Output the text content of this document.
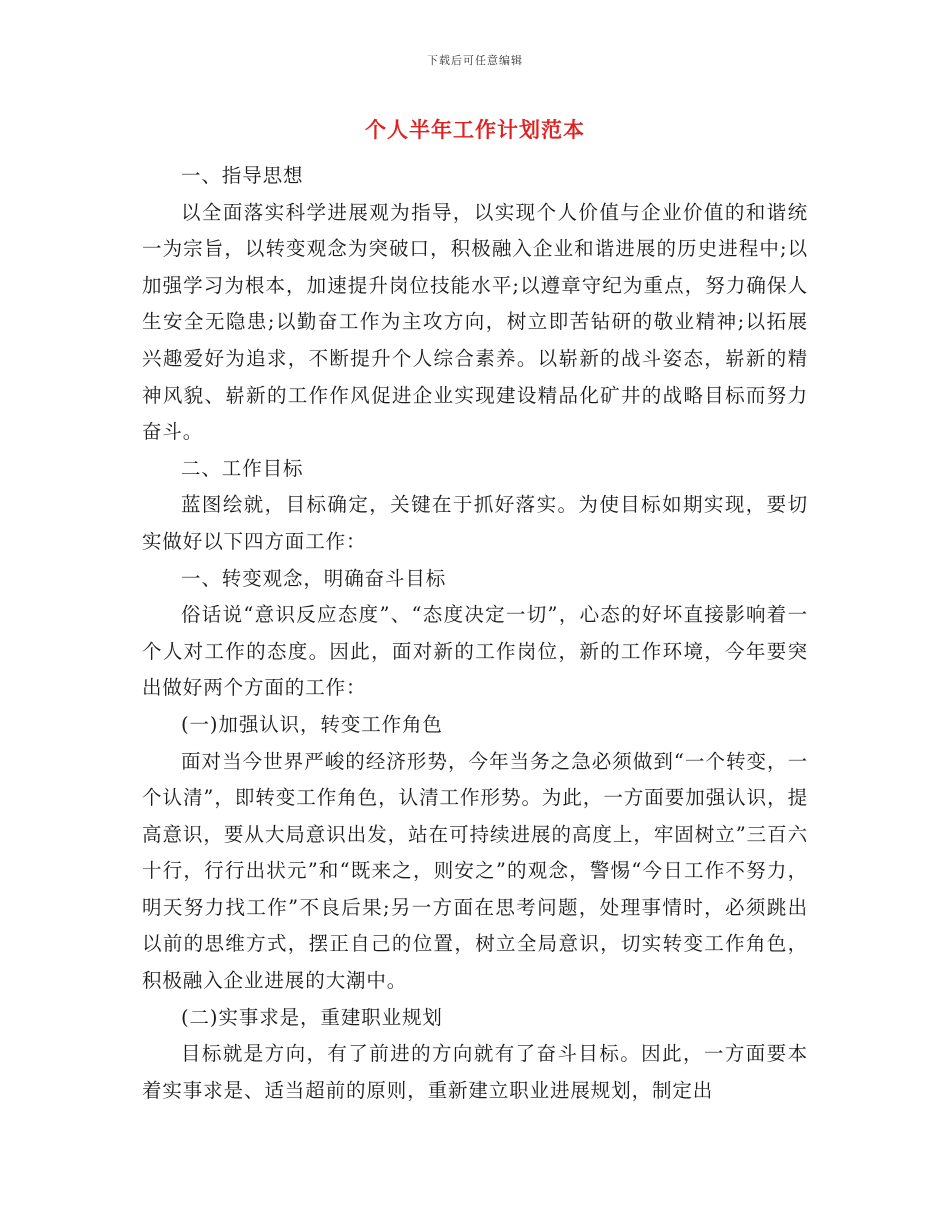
下载后可任意编辑
个人半年工作计划范本

一、指导思想

以全面落实科学进展观为指导，以实现个人价值与企业价值的和谐统一为宗旨，以转变观念为突破口，积极融入企业和谐进展的历史进程中;以加强学习为根本，加速提升岗位技能水平;以遵章守纪为重点，努力确保人生安全无隐患;以勤奋工作为主攻方向，树立即苦钻研的敬业精神;以拓展兴趣爱好为追求，不断提升个人综合素养。以崭新的战斗姿态，崭新的精神风貌、崭新的工作作风促进企业实现建设精品化矿井的战略目标而努力奋斗。

二、工作目标

蓝图绘就，目标确定，关键在于抓好落实。为使目标如期实现，要切实做好以下四方面工作：

一、转变观念，明确奋斗目标

俗话说“意识反应态度”、“态度决定一切”，心态的好坏直接影响着一个人对工作的态度。因此，面对新的工作岗位，新的工作环境，今年要突出做好两个方面的工作：

(一)加强认识，转变工作角色

面对当今世界严峻的经济形势，今年当务之急必须做到“一个转变，一个认清”，即转变工作角色，认清工作形势。为此，一方面要加强认识，提高意识，要从大局意识出发，站在可持续进展的高度上，牢固树立”三百六十行，行行出状元”和“既来之，则安之”的观念，警惕“今日工作不努力，明天努力找工作”不良后果;另一方面在思考问题，处理事情时，必须跳出以前的思维方式，摆正自己的位置，树立全局意识，切实转变工作角色，积极融入企业进展的大潮中。

(二)实事求是，重建职业规划

目标就是方向，有了前进的方向就有了奋斗目标。因此，一方面要本着实事求是、适当超前的原则，重新建立职业进展规划，制定出
